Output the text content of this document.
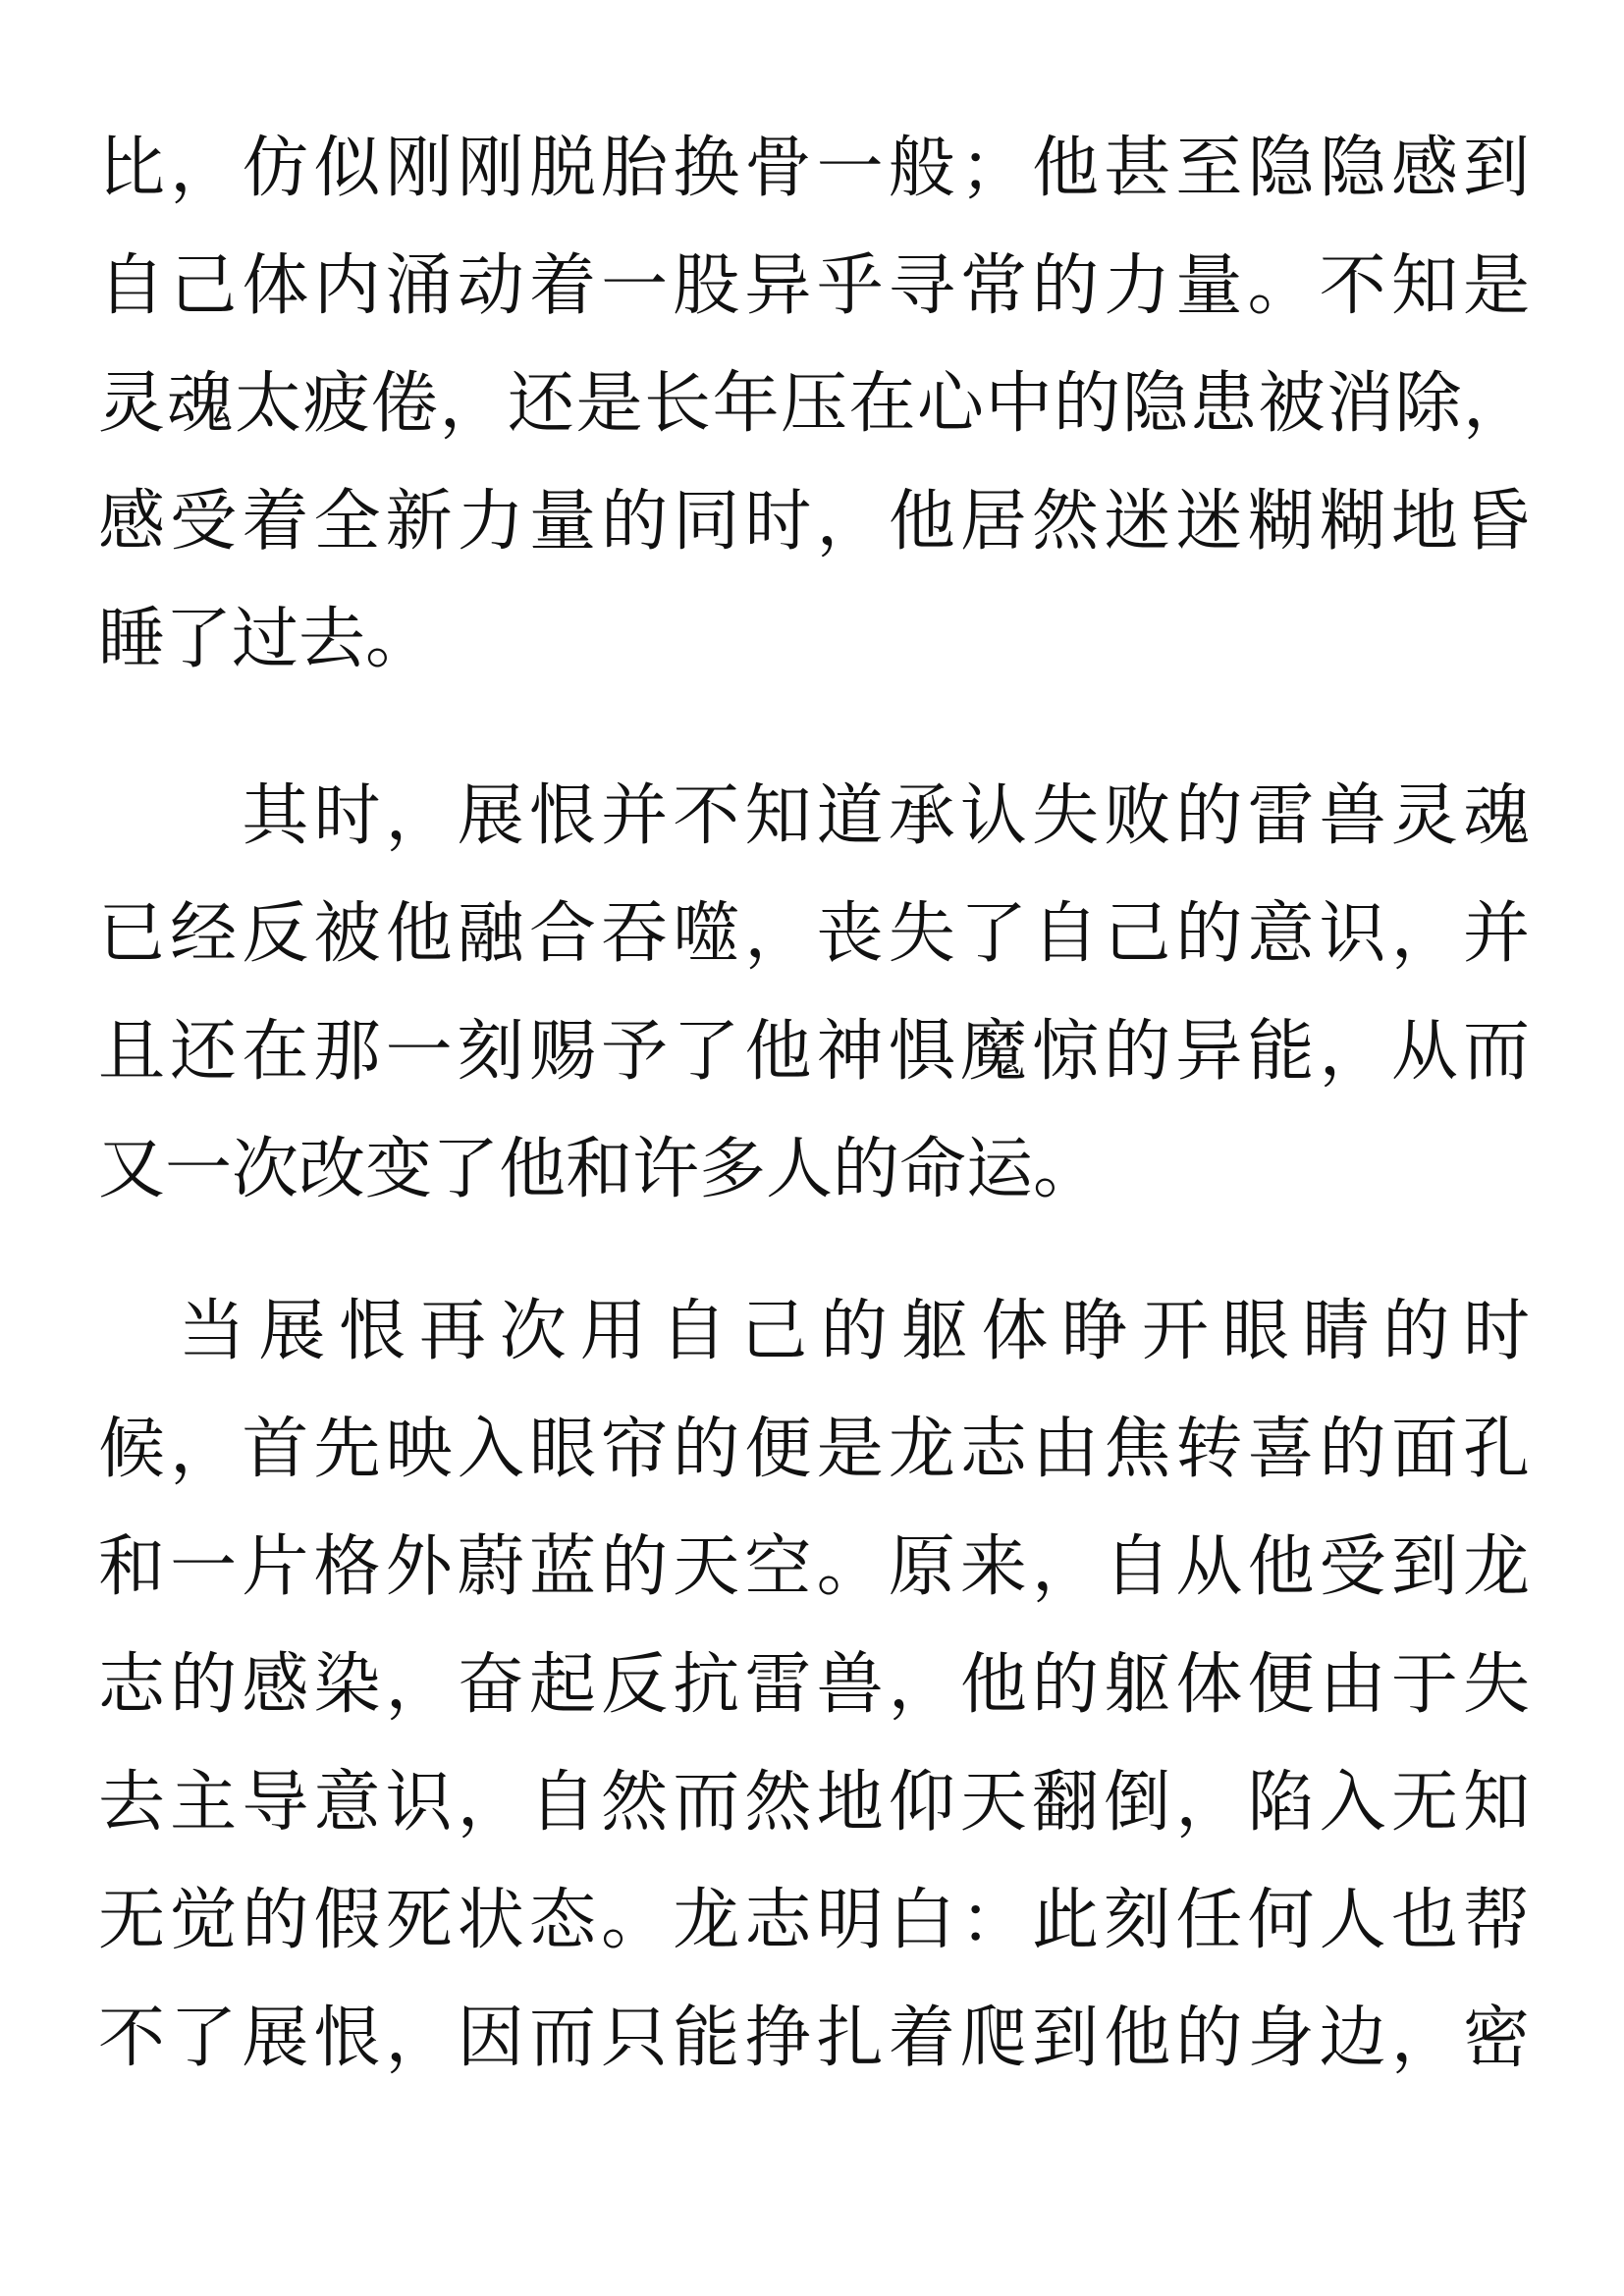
比，仿似刚刚脱胎换骨一般；他甚至隐隐感到
自己体内涌动着一股异乎寻常的力量。不知是
灵魂太疲倦，还是长年压在心中的隐患被消除，
感受着全新力量的同时，他居然迷迷糊糊地昏
睡了过去。
　　其时，展恨并不知道承认失败的雷兽灵魂
已经反被他融合吞噬，丧失了自己的意识，并
且还在那一刻赐予了他神惧魔惊的异能，从而
又一次改变了他和许多人的命运。
　当展恨再次用自己的躯体睁开眼睛的时
候，首先映入眼帘的便是龙志由焦转喜的面孔
和一片格外蔚蓝的天空。原来，自从他受到龙
志的感染，奋起反抗雷兽，他的躯体便由于失
去主导意识，自然而然地仰天翻倒，陷入无知
无觉的假死状态。龙志明白：此刻任何人也帮
不了展恨，因而只能挣扎着爬到他的身边，密
